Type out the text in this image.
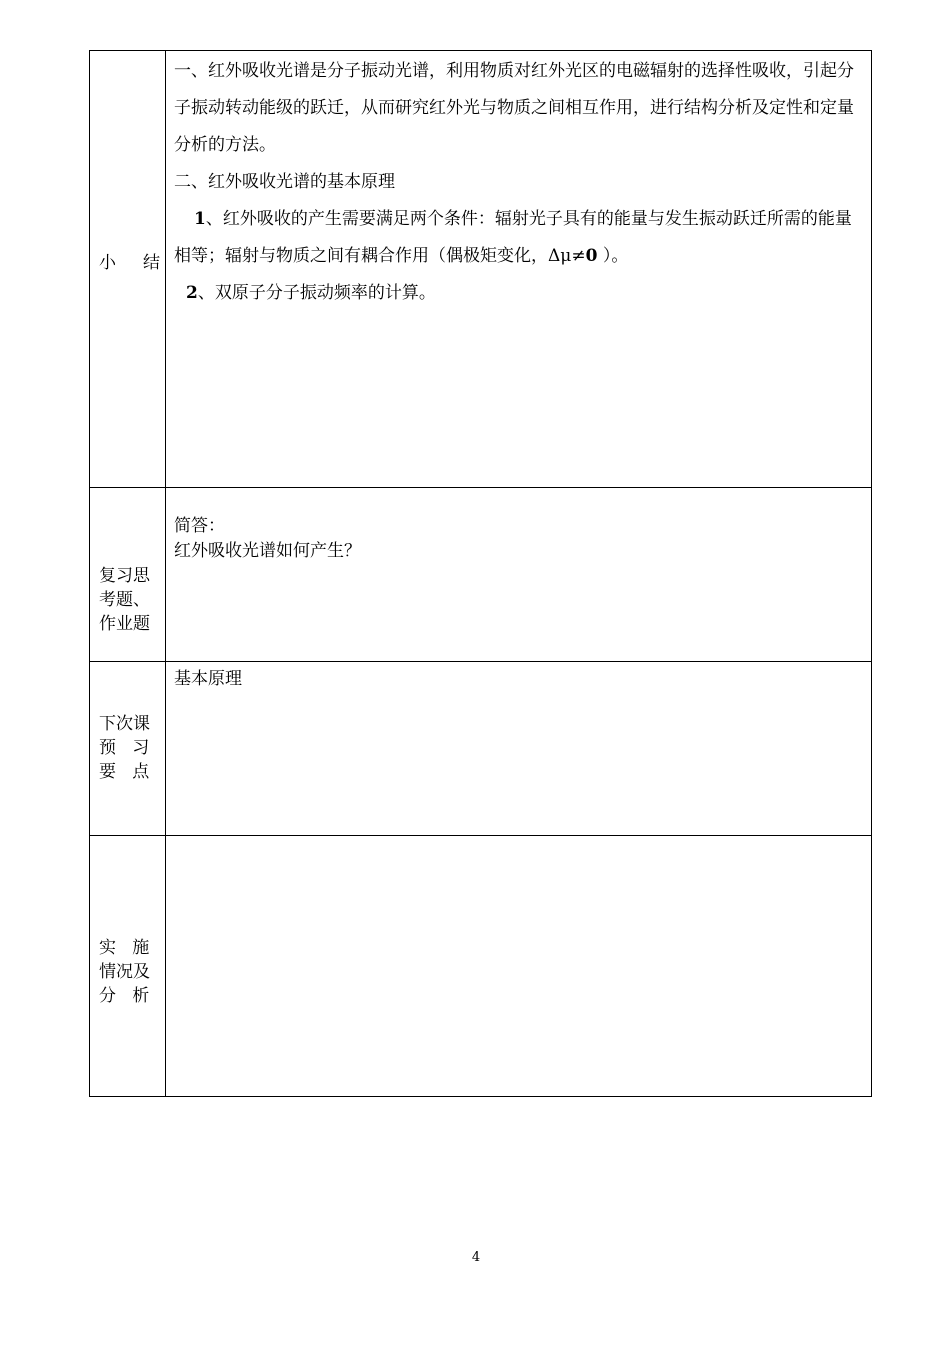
小     结

一、红外吸收光谱是分子振动光谱，利用物质对红外光区的电磁辐射的选择性吸收，引起分子振动转动能级的跃迁，从而研究红外光与物质之间相互作用，进行结构分析及定性和定量分析的方法。

二、红外吸收光谱的基本原理

1、红外吸收的产生需要满足两个条件：辐射光子具有的能量与发生振动跃迁所需的能量相等；辐射与物质之间有耦合作用（偶极矩变化，Δμ≠0 ）。

2、双原子分子振动频率的计算。

复习思
考题、
作业题

简答：

红外吸收光谱如何产生？

下次课
预   习
要   点

基本原理

实   施
情况及
分   析

4
